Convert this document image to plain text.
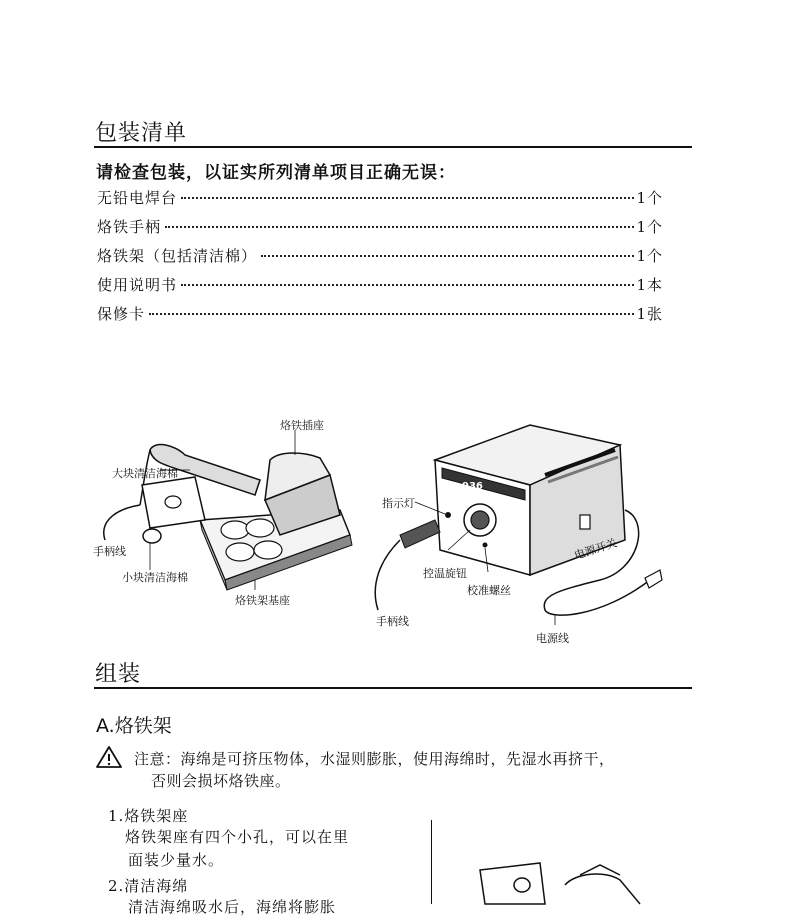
包装清单
请检查包装，以证实所列清单项目正确无误：
无铅电焊台	1个
烙铁手柄	1个
烙铁架（包括清洁棉）	1个
使用说明书	1本
保修卡	1张
烙铁插座
大块清洁海棉
手柄线
小块清洁海棉
烙铁架基座
936
指示灯
控温旋钮
校准螺丝
手柄线
电源开关
电源线
组装
A.烙铁架
注意：海绵是可挤压物体，水湿则膨胀，使用海绵时，先湿水再挤干，
否则会损坏烙铁座。
1.烙铁架座
烙铁架座有四个小孔，可以在里
面装少量水。
2.清洁海绵
清洁海绵吸水后，海绵将膨胀
